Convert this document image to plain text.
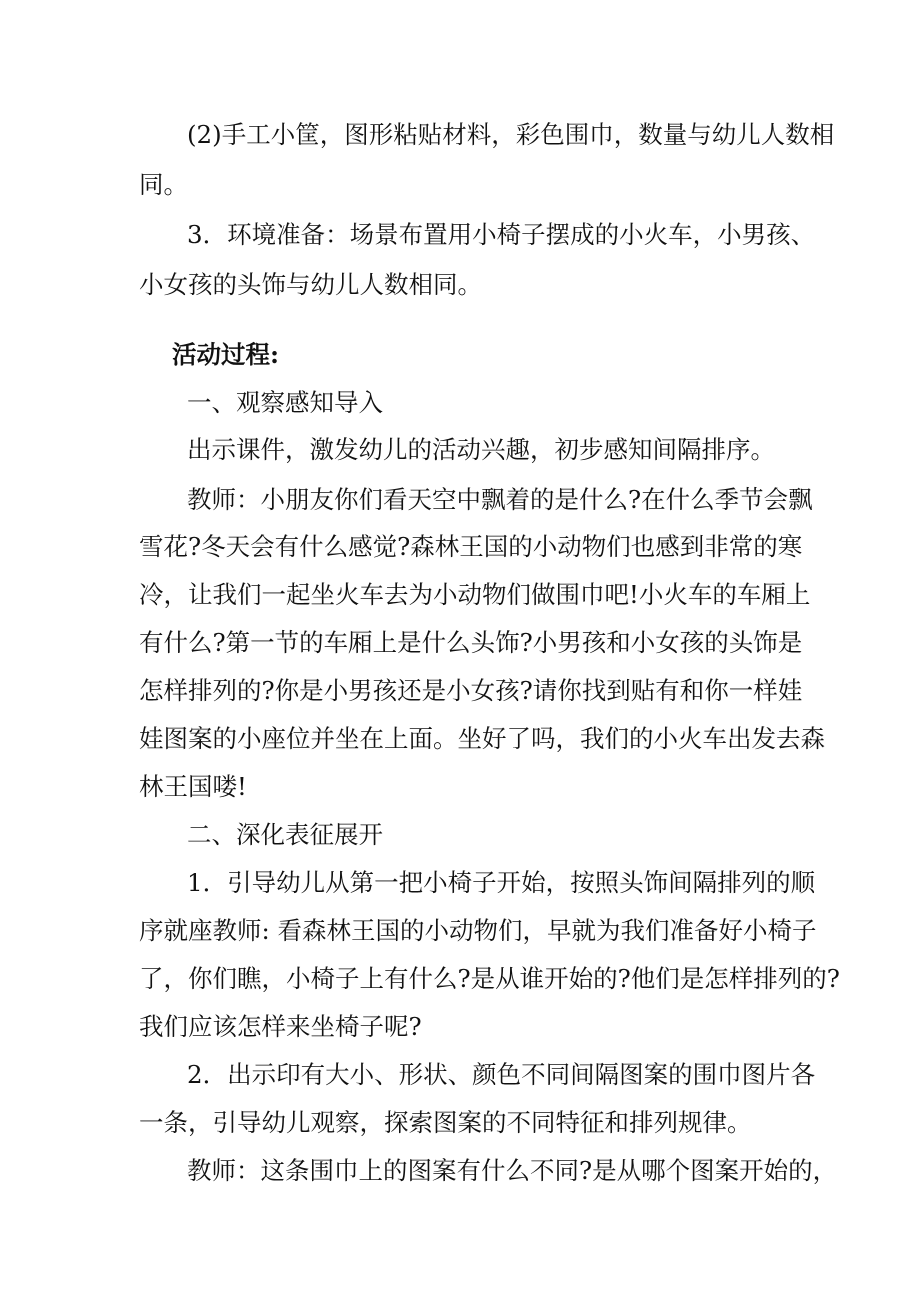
(2)手工小筐，图形粘贴材料，彩色围巾，数量与幼儿人数相

同。

3．环境准备：场景布置用小椅子摆成的小火车，小男孩、

小女孩的头饰与幼儿人数相同。

活动过程:

一、观察感知导入

出示课件，激发幼儿的活动兴趣，初步感知间隔排序。

教师：小朋友你们看天空中飘着的是什么?在什么季节会飘

雪花?冬天会有什么感觉?森林王国的小动物们也感到非常的寒

冷，让我们一起坐火车去为小动物们做围巾吧!小火车的车厢上

有什么?第一节的车厢上是什么头饰?小男孩和小女孩的头饰是

怎样排列的?你是小男孩还是小女孩?请你找到贴有和你一样娃

娃图案的小座位并坐在上面。坐好了吗，我们的小火车出发去森

林王国喽!

二、深化表征展开

1．引导幼儿从第一把小椅子开始，按照头饰间隔排列的顺

序就座教师: 看森林王国的小动物们，早就为我们准备好小椅子

了，你们瞧，小椅子上有什么?是从谁开始的?他们是怎样排列的?

我们应该怎样来坐椅子呢?

2．出示印有大小、形状、颜色不同间隔图案的围巾图片各

一条，引导幼儿观察，探索图案的不同特征和排列规律。

教师：这条围巾上的图案有什么不同?是从哪个图案开始的，
